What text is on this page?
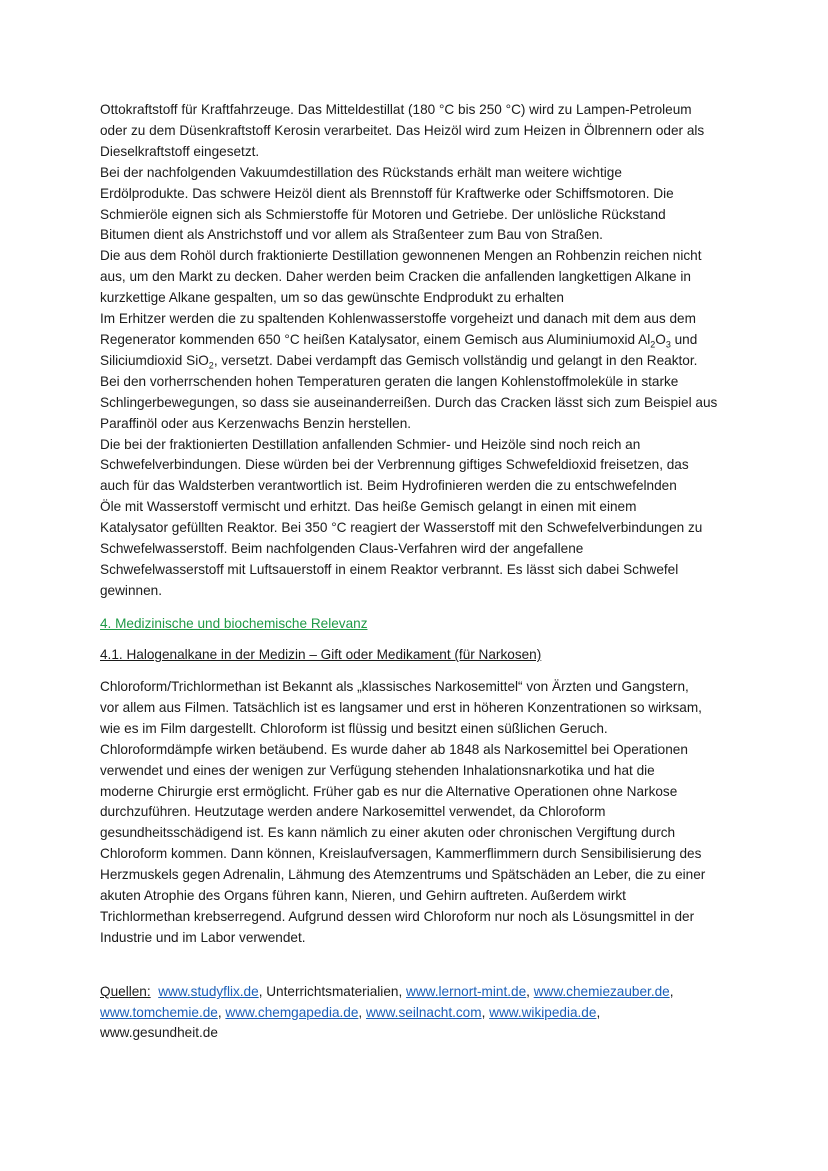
Ottokraftstoff für Kraftfahrzeuge. Das Mitteldestillat (180 °C bis 250 °C) wird zu Lampen-Petroleum
oder zu dem Düsenkraftstoff Kerosin verarbeitet. Das Heizöl wird zum Heizen in Ölbrennern oder als
Dieselkraftstoff eingesetzt.
Bei der nachfolgenden Vakuumdestillation des Rückstands erhält man weitere wichtige
Erdölprodukte. Das schwere Heizöl dient als Brennstoff für Kraftwerke oder Schiffsmotoren. Die
Schmieröle eignen sich als Schmierstoffe für Motoren und Getriebe. Der unlösliche Rückstand
Bitumen dient als Anstrichstoff und vor allem als Straßenteer zum Bau von Straßen.
Die aus dem Rohöl durch fraktionierte Destillation gewonnenen Mengen an Rohbenzin reichen nicht
aus, um den Markt zu decken. Daher werden beim Cracken die anfallenden langkettigen Alkane in
kurzkettige Alkane gespalten, um so das gewünschte Endprodukt zu erhalten
Im Erhitzer werden die zu spaltenden Kohlenwasserstoffe vorgeheizt und danach mit dem aus dem
Regenerator kommenden 650 °C heißen Katalysator, einem Gemisch aus Aluminiumoxid $Al_2O_3$ und
Siliciumdioxid SiO$_2$, versetzt. Dabei verdampft das Gemisch vollständig und gelangt in den Reaktor.
Bei den vorherrschenden hohen Temperaturen geraten die langen Kohlenstoffmoleküle in starke
Schlingerbewegungen, so dass sie auseinanderreißen. Durch das Cracken lässt sich zum Beispiel aus
Paraffinöl oder aus Kerzenwachs Benzin herstellen.
Die bei der fraktionierten Destillation anfallenden Schmier- und Heizöle sind noch reich an
Schwefelverbindungen. Diese würden bei der Verbrennung giftiges Schwefeldioxid freisetzen, das
auch für das Waldsterben verantwortlich ist. Beim Hydrofinieren werden die zu entschwefelnden
Öle mit Wasserstoff vermischt und erhitzt. Das heiße Gemisch gelangt in einen mit einem
Katalysator gefüllten Reaktor. Bei 350 °C reagiert der Wasserstoff mit den Schwefelverbindungen zu
Schwefelwasserstoff. Beim nachfolgenden Claus-Verfahren wird der angefallene
Schwefelwasserstoff mit Luftsauerstoff in einem Reaktor verbrannt. Es lässt sich dabei Schwefel
gewinnen.
4. Medizinische und biochemische Relevanz
4.1. Halogenalkane in der Medizin – Gift oder Medikament (für Narkosen)
Chloroform/Trichlormethan ist Bekannt als „klassisches Narkosemittel“ von Ärzten und Gangstern,
vor allem aus Filmen. Tatsächlich ist es langsamer und erst in höheren Konzentrationen so wirksam,
wie es im Film dargestellt. Chloroform ist flüssig und besitzt einen süßlichen Geruch.
Chloroformdämpfe wirken betäubend. Es wurde daher ab 1848 als Narkosemittel bei Operationen
verwendet und eines der wenigen zur Verfügung stehenden Inhalationsnarkotika und hat die
moderne Chirurgie erst ermöglicht. Früher gab es nur die Alternative Operationen ohne Narkose
durchzuführen. Heutzutage werden andere Narkosemittel verwendet, da Chloroform
gesundheitsschädigend ist. Es kann nämlich zu einer akuten oder chronischen Vergiftung durch
Chloroform kommen. Dann können, Kreislaufversagen, Kammerflimmern durch Sensibilisierung des
Herzmuskels gegen Adrenalin, Lähmung des Atemzentrums und Spätschäden an Leber, die zu einer
akuten Atrophie des Organs führen kann, Nieren, und Gehirn auftreten. Außerdem wirkt
Trichlormethan krebserregend. Aufgrund dessen wird Chloroform nur noch als Lösungsmittel in der
Industrie und im Labor verwendet.
Quellen: www.studyflix.de, Unterrichtsmaterialien, www.lernort-mint.de, www.chemiezauber.de,
www.tomchemie.de, www.chemgapedia.de, www.seilnacht.com, www.wikipedia.de,
www.gesundheit.de
